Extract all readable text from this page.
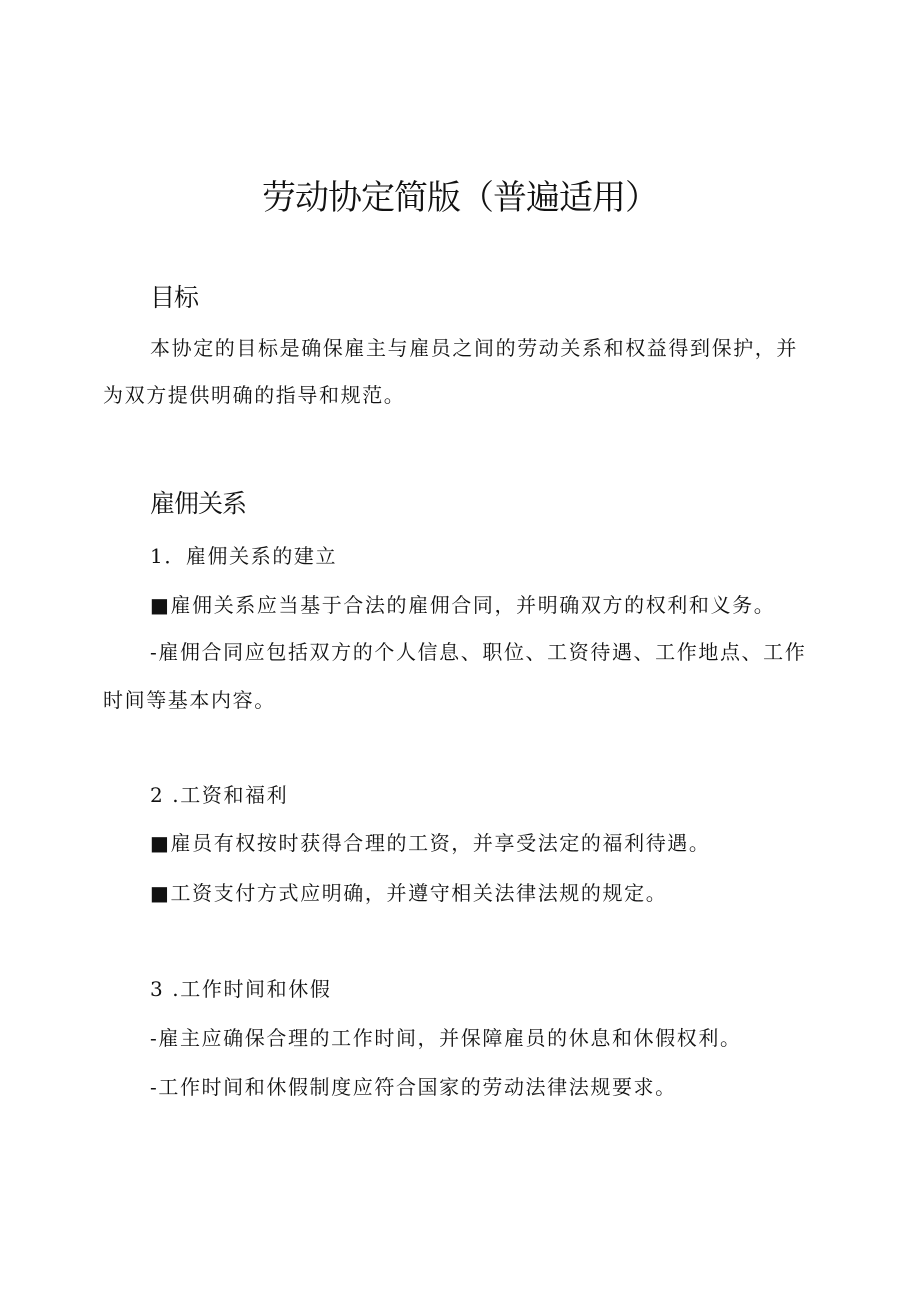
劳动协定简版（普遍适用）
目标

本协定的目标是确保雇主与雇员之间的劳动关系和权益得到保护，并

为双方提供明确的指导和规范。

雇佣关系

1．雇佣关系的建立

■雇佣关系应当基于合法的雇佣合同，并明确双方的权利和义务。

-雇佣合同应包括双方的个人信息、职位、工资待遇、工作地点、工作

时间等基本内容。

2 .工资和福利

■雇员有权按时获得合理的工资，并享受法定的福利待遇。

■工资支付方式应明确，并遵守相关法律法规的规定。

3 .工作时间和休假

-雇主应确保合理的工作时间，并保障雇员的休息和休假权利。

-工作时间和休假制度应符合国家的劳动法律法规要求。
